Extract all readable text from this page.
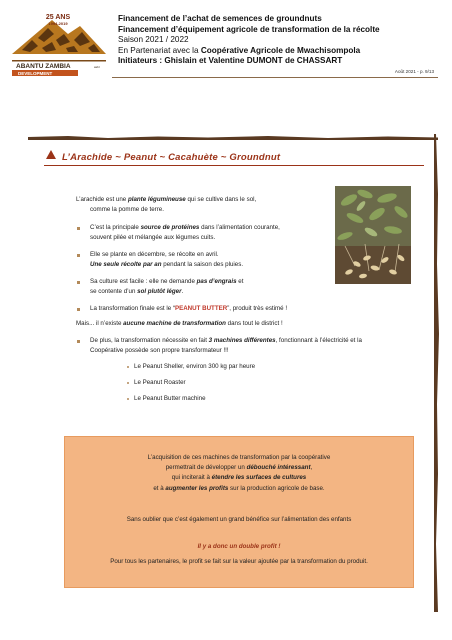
25 ANS
1994-2019
ABANTU ZAMBIA	asbl
DEVELOPMENT
Financement de l’achat de semences de groundnuts
Financement d’équipement agricole de transformation de la récolte
Saison 2021 / 2022
En Partenariat avec la Coopérative Agricole de Mwachisompola
Initiateurs : Ghislain et Valentine DUMONT de CHASSART
Août 2021 - p. 9/13
L’Arachide ~ Peanut ~ Cacahuète ~ Groundnut
L’arachide est une plante légumineuse qui se cultive dans le sol,
comme la pomme de terre.
C’est la principale source de protéines dans l’alimentation courante,
souvent pilée et mélangée aux légumes cuits.
Elle se plante en décembre, se récolte en avril.
Une seule récolte par an pendant la saison des pluies.
Sa culture est facile : elle ne demande pas d’engrais et
se contente d’un sol plutôt léger.
La transformation finale est le “PEANUT BUTTER”, produit très estimé !
Mais... il n’existe aucune machine de transformation dans tout le district !
De plus, la transformation nécessite en fait 3 machines différentes, fonctionnant à l’électricité et la
Coopérative possède son propre transformateur !!!
Le Peanut Sheller, environ 300 kg par heure
Le Peanut Roaster
Le Peanut Butter machine
L’acquisition de ces machines de transformation par la coopérative
permettrait de développer un débouché intéressant,
qui inciterait à étendre les surfaces de cultures
et à augmenter les profits sur la production agricole de base.
Sans oublier que c’est également un grand bénéfice sur l’alimentation des enfants
Il y a donc un double profit !
Pour tous les partenaires, le profit se fait sur la valeur ajoutée par la transformation du produit.
